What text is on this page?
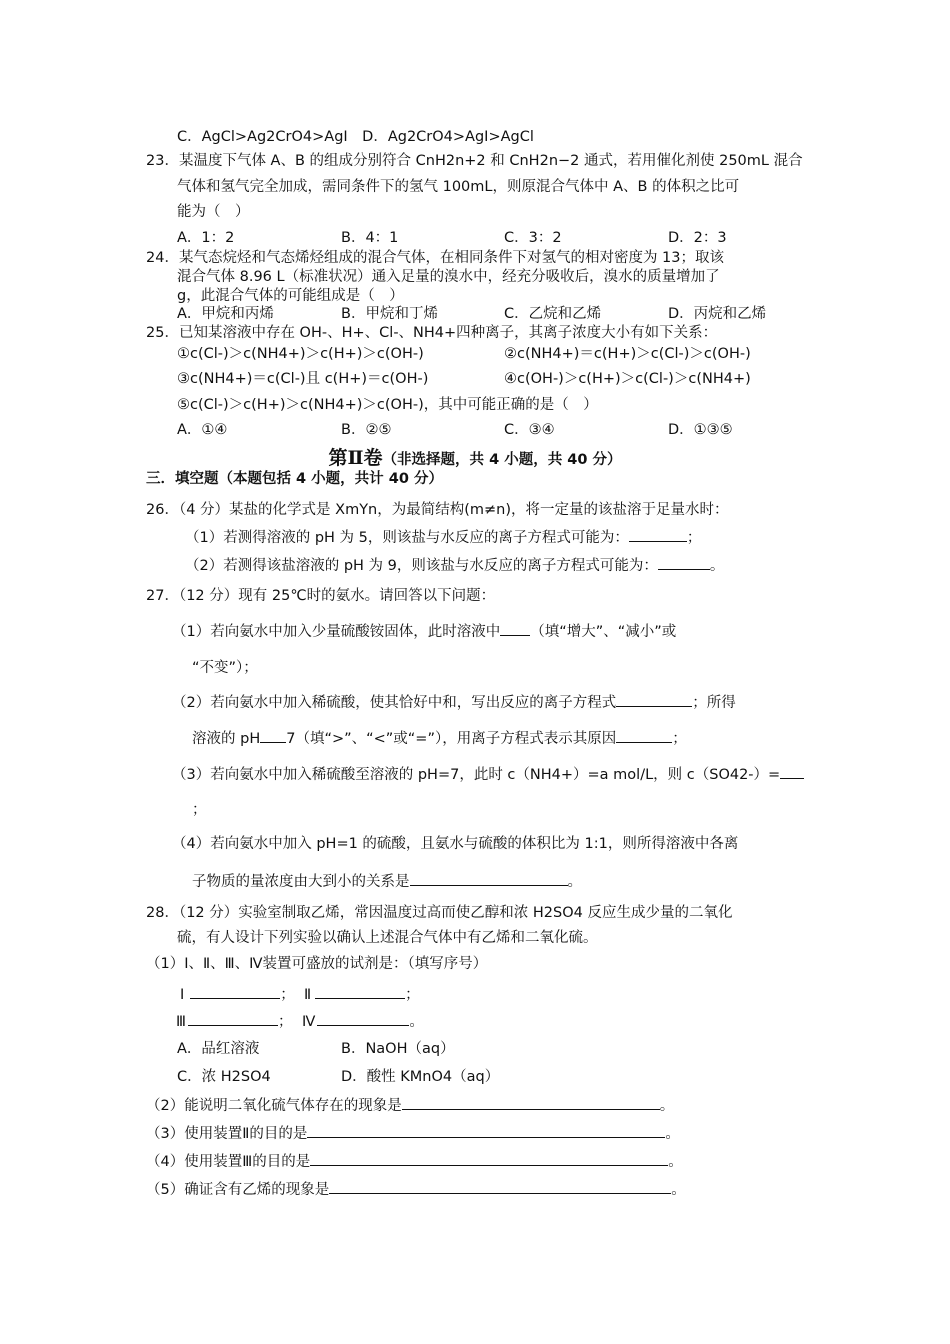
C．AgCl>Ag2CrO4>AgI　D．Ag2CrO4>AgI>AgCl
23．某温度下气体 A、B 的组成分别符合 CnH2n+2 和 CnH2n−2 通式，若用催化剂使 250mL 混合
气体和氢气完全加成，需同条件下的氢气 100mL，则原混合气体中 A、B 的体积之比可
能为（　）
A．1：2	B．4：1	C．3：2	D．2：3
24．某气态烷烃和气态烯烃组成的混合气体，在相同条件下对氢气的相对密度为 13；取该
混合气体 8.96 L（标准状况）通入足量的溴水中，经充分吸收后，溴水的质量增加了
g，此混合气体的可能组成是（　）
A．甲烷和丙烯	B．甲烷和丁烯	C．乙烷和乙烯	D．丙烷和乙烯
25．已知某溶液中存在 OH-、H+、Cl-、NH4+四种离子，其离子浓度大小有如下关系：
①c(Cl-)＞c(NH4+)＞c(H+)＞c(OH-)	②c(NH4+)＝c(H+)＞c(Cl-)＞c(OH-)
③c(NH4+)＝c(Cl-)且 c(H+)＝c(OH-)	④c(OH-)＞c(H+)＞c(Cl-)＞c(NH4+)
⑤c(Cl-)＞c(H+)＞c(NH4+)＞c(OH-)，其中可能正确的是（　）
A．①④	B．②⑤	C．③④	D．①③⑤
第Ⅱ卷（非选择题，共 4 小题，共 40 分）
三．填空题（本题包括 4 小题，共计 40 分）
26．（4 分）某盐的化学式是 XmYn，为最简结构(m≠n)，将一定量的该盐溶于足量水时：
（1）若测得溶液的 pH 为 5，则该盐与水反应的离子方程式可能为：	；
（2）若测得该盐溶液的 pH 为 9，则该盐与水反应的离子方程式可能为：	。
27．（12 分）现有 25℃时的氨水。请回答以下问题：
（1）若向氨水中加入少量硫酸铵固体，此时溶液中 （填“增大”、“减小”或
“不变”）；
（2）若向氨水中加入稀硫酸，使其恰好中和，写出反应的离子方程式	；所得
溶液的 pH 7（填“>”、“<”或“=”），用离子方程式表示其原因	；
（3）若向氨水中加入稀硫酸至溶液的 pH=7，此时 c（NH4+）=a mol/L，则 c（SO42-）=
；
（4）若向氨水中加入 pH=1 的硫酸，且氨水与硫酸的体积比为 1:1，则所得溶液中各离
子物质的量浓度由大到小的关系是	。
28．（12 分）实验室制取乙烯，常因温度过高而使乙醇和浓 H2SO4 反应生成少量的二氧化
硫，有人设计下列实验以确认上述混合气体中有乙烯和二氧化硫。
（1）Ⅰ、Ⅱ、Ⅲ、Ⅳ装置可盛放的试剂是：（填写序号）
Ⅰ	； Ⅱ	；
Ⅲ	； Ⅳ	。
A．品红溶液	B．NaOH（aq）
C．浓 H2SO4	D．酸性 KMnO4（aq）
（2）能说明二氧化硫气体存在的现象是	。
（3）使用装置Ⅱ的目的是	。
（4）使用装置Ⅲ的目的是	。
（5）确证含有乙烯的现象是	。
